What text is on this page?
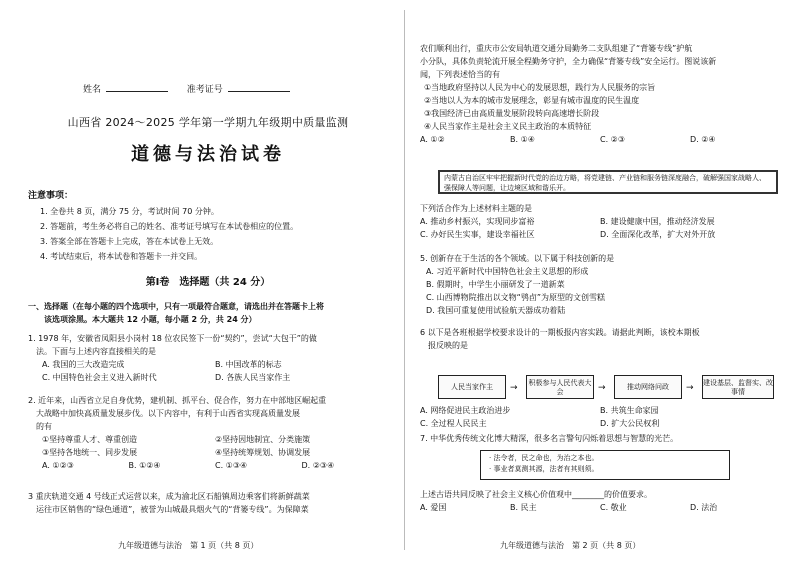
姓名	准考证号
山西省 2024～2025 学年第一学期九年级期中质量监测
道德与法治试卷
注意事项：
1. 全卷共 8 页，满分 75 分，考试时间 70 分钟。
2. 答题前，考生务必将自己的姓名、准考证号填写在本试卷相应的位置。
3. 答案全部在答题卡上完成，答在本试卷上无效。
4. 考试结束后，将本试卷和答题卡一并交回。
第Ⅰ卷　选择题（共 24 分）
一、选择题（在每小题的四个选项中，只有一项最符合题意，请选出并在答题卡上将
　　该选项涂黑。本大题共 12 小题，每小题 2 分，共 24 分）
1. 1978 年，安徽省凤阳县小岗村 18 位农民签下一份“契约”，尝试“大包干”的做
　法。下面与上述内容直接相关的是
A. 我国的三大改造完成	B. 中国改革的标志
C. 中国特色社会主义进入新时代	D. 各族人民当家作主
2. 近年来，山西省立足自身优势，建机制、抓平台、促合作，努力在中部地区崛起重
　大战略中加快高质量发展步伐。以下内容中，有利于山西省实现高质量发展
　的有
①坚持尊重人才、尊重创造	②坚持因地制宜、分类施策
③坚持各地统一、同步发展	④坚持统筹规划、协调发展
A. ①②③	B. ①②④	C. ①③④	D. ②③④
3 重庆轨道交通 4 号线正式运营以来，成为渝北区石船镇周边乘客们将新鲜蔬菜
　运往市区销售的“绿色通道”，被誉为山城最具烟火气的“背篓专线”。为保障菜
九年级道德与法治　第 1 页（共 8 页）
农们顺利出行，重庆市公安局轨道交通分局勤务二支队组建了“背篓专线”护航
小分队，具体负责轮流开展全程勤务守护，全力确保“背篓专线”安全运行。图说该新
闻，下列表述恰当的有
①当地政府坚持以人民为中心的发展思想，践行为人民服务的宗旨
②当地以人为本的城市发展理念，彰显有城市温度的民生温度
③我国经济已由高质量发展阶段转向高速增长阶段
④人民当家作主是社会主义民主政治的本质特征
A. ①②	B. ①④	C. ②③	D. ②④
内蒙古自治区牢牢把握新时代党的治边方略，将党建链、产业链和服务链深度融合，破解强国家战略人、强保障人等问题，让边境区域和谐乐开。
下列活合作为上述材料主题的是
A. 推动乡村振兴，实现同步富裕	B. 建设健康中国，推动经济发展
C. 办好民生实事，建设幸福社区	D. 全面深化改革，扩大对外开放
5. 创新存在于生活的各个领域。以下属于科技创新的是
A. 习近平新时代中国特色社会主义思想的形成
B. 假期时，中学生小丽研发了一道新菜
C. 山西博物院推出以文物“鸮卣”为原型的文创雪糕
D. 我国可重复使用试验航天器成功着陆
6 以下是各班根据学校要求设计的一期板报内容实践。请据此判断，该校本期板
　报反映的是
人民当家作主	→	积极参与人民代表大会	→	推动网络问政	→ 建设基层、监督实、改事情
A. 网络促进民主政治进步	B. 共筑生命家园
C. 全过程人民民主	D. 扩大公民权利
7. 中华优秀传统文化博大精深，很多名言警句闪烁着思想与智慧的光芒。
· 法令者，民之命也，为治之本也。
· 事业者莫测其源，法者有其则须。
上述古语共同反映了社会主义核心价值观中________的价值要求。
A. 爱国	B. 民主	C. 敬业	D. 法治
九年级道德与法治　第 2 页（共 8 页）
